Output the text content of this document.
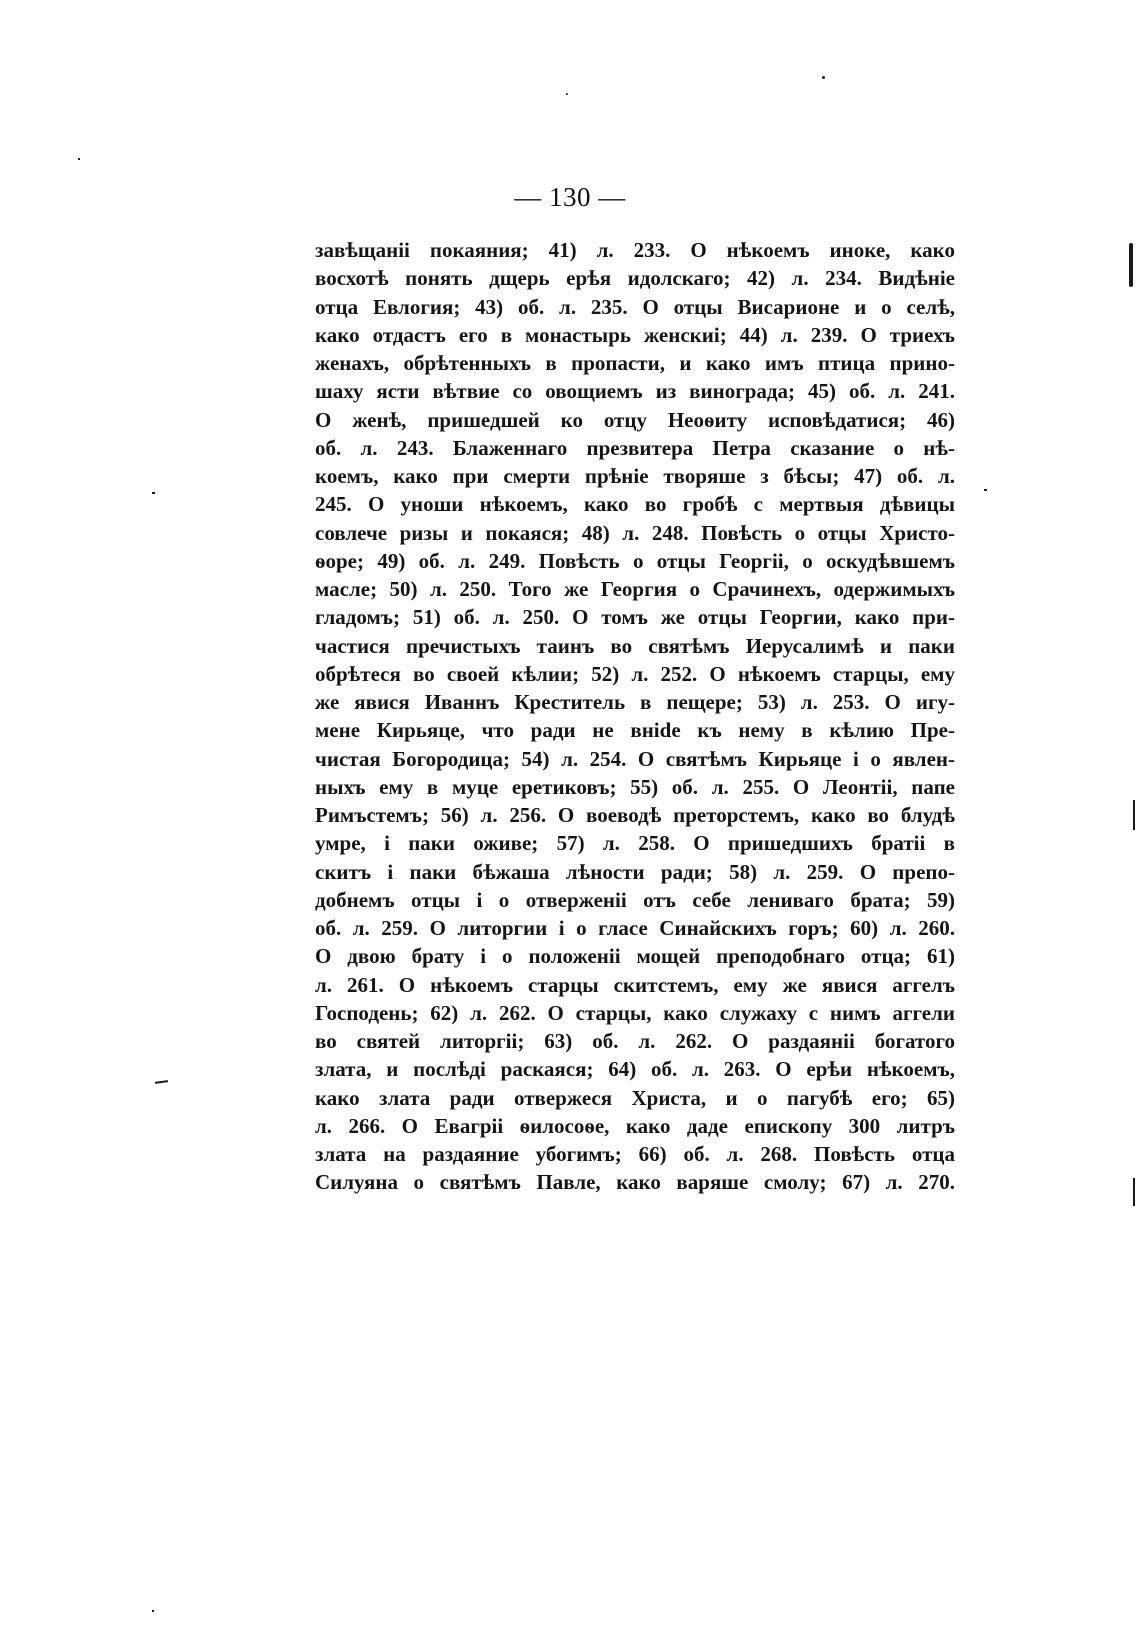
— 130 —
завѣщанii покаяния; 41) л. 233. О нѣкоемъ иноке, како
восхотѣ понять дщерь ерѣя идолскаго; 42) л. 234. Видѣнiе
отца Евлогия; 43) об. л. 235. О отцы Висарионе и о селѣ,
како отдастъ его в монастырь женскиi; 44) л. 239. О триехъ
женахъ, обрѣтенныхъ в пропасти, и како имъ птица прино-
шаху ясти вѣтвие со овощиемъ из винограда; 45) об. л. 241.
О женѣ, пришедшей ко отцу Неоѳиту исповѣдатися; 46)
об. л. 243. Блаженнаго презвитера Петра сказание о нѣ-
коемъ, како при смерти прѣнiе творяше з бѣсы; 47) об. л.
245. О уноши нѣкоемъ, како во гробѣ с мертвыя дѣвицы
совлече ризы и покаяся; 48) л. 248. Повѣсть о отцы Христо-
ѳоре; 49) об. л. 249. Повѣсть о отцы Георгii, о оскудѣвшемъ
масле; 50) л. 250. Того же Георгия о Срачинехъ, одержимыхъ
гладомъ; 51) об. л. 250. О томъ же отцы Георгии, како при-
частися пречистыхъ таинъ во святѣмъ Иерусалимѣ и паки
обрѣтеся во своей кѣлии; 52) л. 252. О нѣкоемъ старцы, ему
же явися Иваннъ Креститель в пещере; 53) л. 253. О игу-
мене Кирьяце, что ради не внide къ нему в кѣлию Пре-
чистая Богородица; 54) л. 254. О святѣмъ Кирьяце i о явлен-
ныхъ ему в муце еретиковъ; 55) об. л. 255. О Леонтii, папе
Римъстемъ; 56) л. 256. О воеводѣ преторстемъ, како во блудѣ
умре, i паки оживе; 57) л. 258. О пришедшихъ братii в
скитъ i паки бѣжаша лѣности ради; 58) л. 259. О препо-
добнемъ отцы i о отверженii отъ себе лениваго брата; 59)
об. л. 259. О литоргии i о гласе Синайскихъ горъ; 60) л. 260.
О двою брату i о положенii мощей преподобнаго отца; 61)
л. 261. О нѣкоемъ старцы скитстемъ, ему же явися аггелъ
Господень; 62) л. 262. О старцы, како служаху с нимъ аггели
во святей литоргii; 63) об. л. 262. О раздаянii богатого
злата, и послѣдi раскаяся; 64) об. л. 263. О ерѣи нѣкоемъ,
како злата ради отвержеся Христа, и о пагубѣ его; 65)
л. 266. О Евагрii ѳилосоѳе, како даде епископу 300 литръ
злата на раздаяние убогимъ; 66) об. л. 268. Повѣсть отца
Силуяна о святѣмъ Павле, како варяше смолу; 67) л. 270.
